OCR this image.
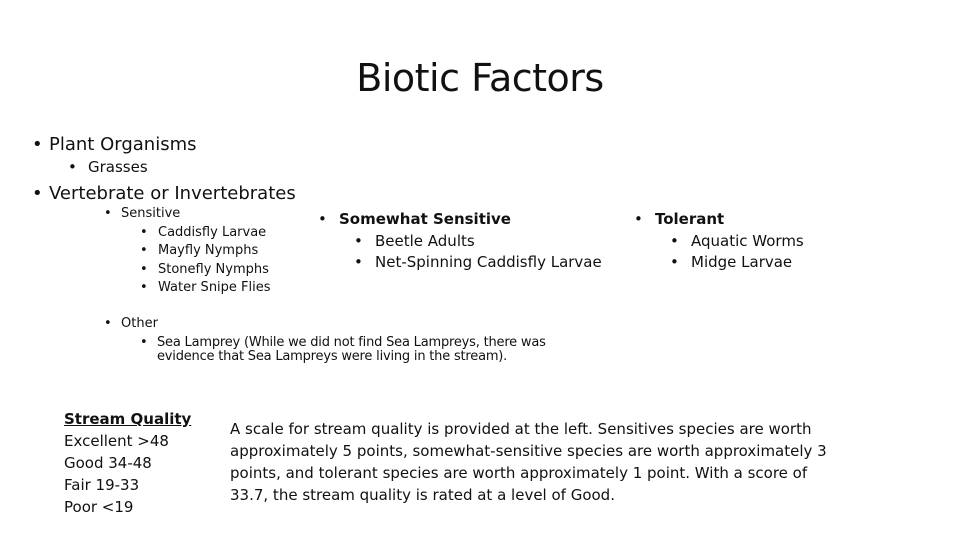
Biotic Factors
• Plant Organisms
• Grasses
• Vertebrate or Invertebrates
• Sensitive
• Caddisfly Larvae
• Mayfly Nymphs
• Stonefly Nymphs
• Water Snipe Flies
• Somewhat Sensitive
• Beetle Adults
• Net-Spinning Caddisfly Larvae
• Tolerant
• Aquatic Worms
• Midge Larvae
• Other
• Sea Lamprey (While we did not find Sea Lampreys, there was
evidence that Sea Lampreys were living in the stream).
Stream Quality
Excellent >48
Good 34-48
Fair 19-33
Poor <19
A scale for stream quality is provided at the left. Sensitives species are worth approximately 5 points, somewhat-sensitive species are worth approximately 3 points, and tolerant species are worth approximately 1 point. With a score of 33.7, the stream quality is rated at a level of Good.
